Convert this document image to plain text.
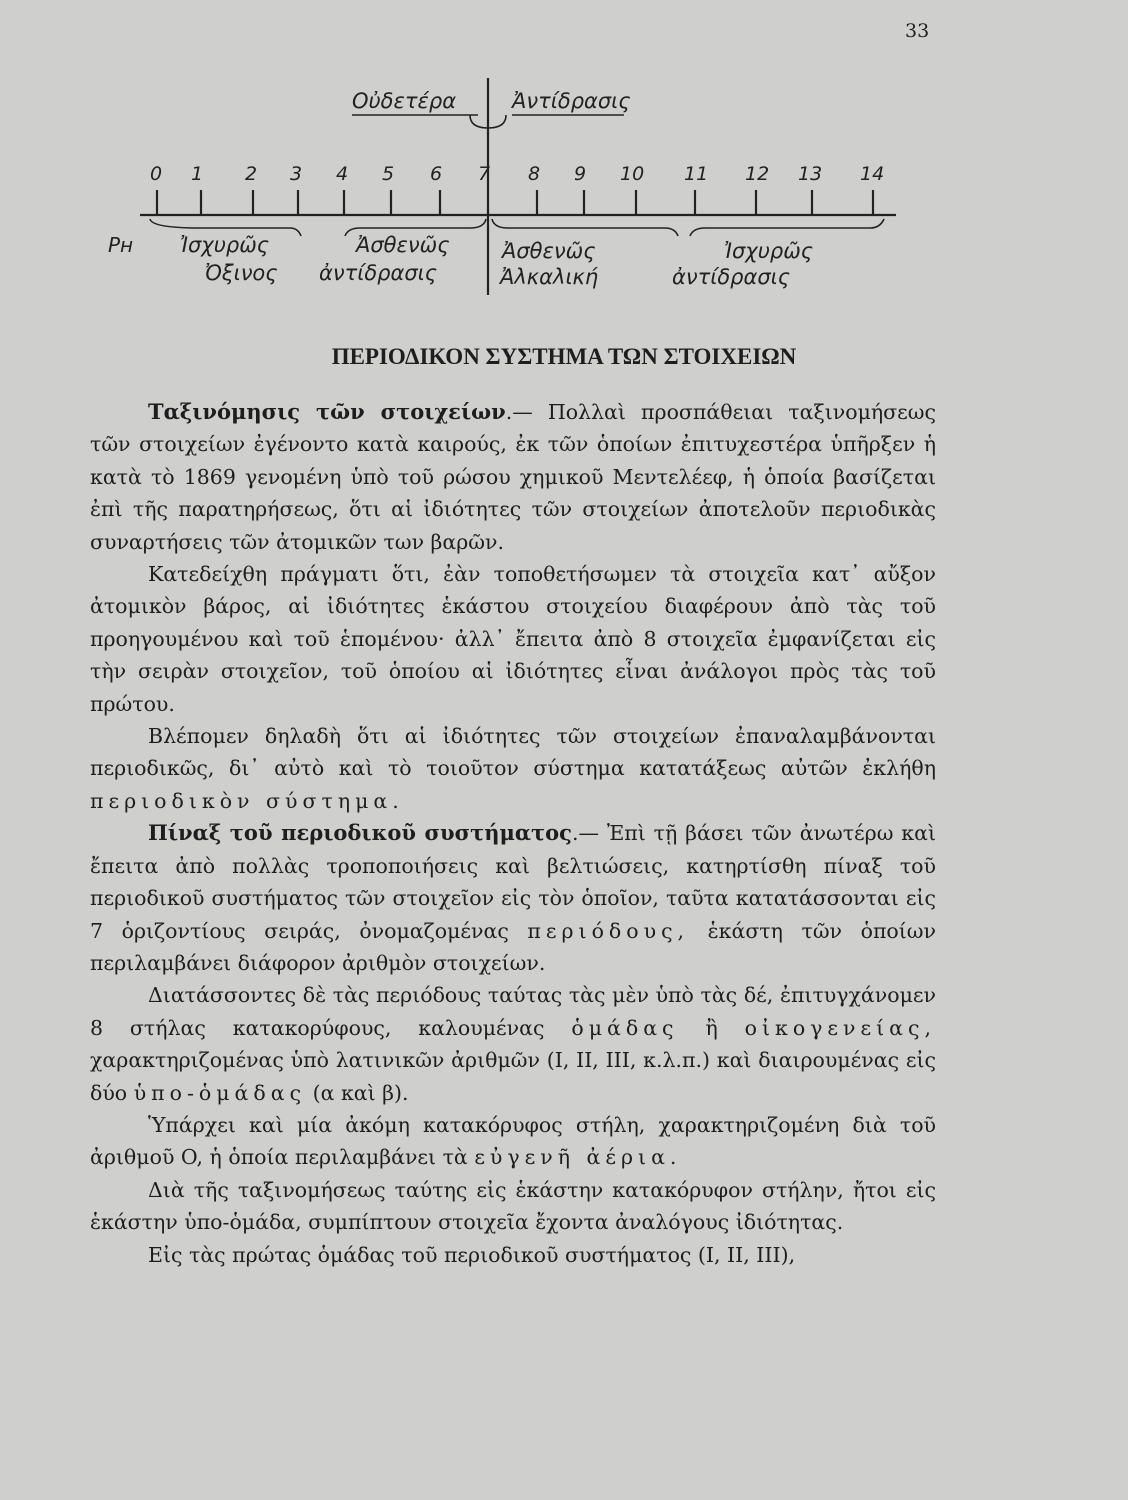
33
Οὐδετέρα	Ἀντίδρασις
0 1 2 3 4 5 6 7 8 9 10 11 12 13 14
Pн Ἰσχυρῶς	Ἀσθενῶς
Ὀξινος ἀντίδρασις
Ἀσθενῶς	Ἰσχυρῶς
Ἀλκαλική	ἀντίδρασις
ΠΕΡΙΟΔΙΚΟΝ ΣΥΣΤΗΜΑ ΤΩΝ ΣΤΟΙΧΕΙΩΝ

Ταξινόμησις τῶν στοιχείων.— Πολλαὶ προσπάθειαι ταξινομήσεως τῶν στοιχείων ἐγένοντο κατὰ καιρούς, ἐκ τῶν ὁποίων ἐπιτυχεστέρα ὑπῆρξεν ἡ κατὰ τὸ 1869 γενομένη ὑπὸ τοῦ ρώσου χημικοῦ Μεντελέεφ, ἡ ὁποία βασίζεται ἐπὶ τῆς παρατηρήσεως, ὅτι αἱ ἰδιότητες τῶν στοιχείων ἀποτελοῦν περιοδικὰς συναρτήσεις τῶν ἀτομικῶν των βαρῶν.

Κατεδείχθη πράγματι ὅτι, ἐὰν τοποθετήσωμεν τὰ στοιχεῖα κατ᾽ αὔξον ἀτομικὸν βάρος, αἱ ἰδιότητες ἑκάστου στοιχείου διαφέρουν ἀπὸ τὰς τοῦ προηγουμένου καὶ τοῦ ἑπομένου· ἀλλ᾽ ἔπειτα ἀπὸ 8 στοιχεῖα ἐμφανίζεται εἰς τὴν σειρὰν στοιχεῖον, τοῦ ὁποίου αἱ ἰδιότητες εἶναι ἀνάλογοι πρὸς τὰς τοῦ πρώτου.

Βλέπομεν δηλαδὴ ὅτι αἱ ἰδιότητες τῶν στοιχείων ἐπαναλαμβάνονται περιοδικῶς, δι᾽ αὐτὸ καὶ τὸ τοιοῦτον σύστημα κατατάξεως αὐτῶν ἐκλήθη περιοδικὸν σύστημα.

Πίναξ τοῦ περιοδικοῦ συστήματος.— Ἐπὶ τῇ βάσει τῶν ἀνωτέρω καὶ ἔπειτα ἀπὸ πολλὰς τροποποιήσεις καὶ βελτιώσεις, κατηρτίσθη πίναξ τοῦ περιοδικοῦ συστήματος τῶν στοιχεῖον εἰς τὸν ὁποῖον, ταῦτα κατατάσσονται εἰς 7 ὁριζοντίους σειράς, ὀνομαζομένας περιόδους, ἑκάστη τῶν ὁποίων περιλαμβάνει διάφορον ἀριθμὸν στοιχείων.

Διατάσσοντες δὲ τὰς περιόδους ταύτας τὰς μὲν ὑπὸ τὰς δέ, ἐπιτυγχάνομεν 8 στήλας κατακορύφους, καλουμένας ὁμάδας ἢ οἰκογενείας, χαρακτηριζομένας ὑπὸ λατινικῶν ἀριθμῶν (I, II, III, κ.λ.π.) καὶ διαιρουμένας εἰς δύο ὑπο-ὁμάδας (α καὶ β).

Ὑπάρχει καὶ μία ἀκόμη κατακόρυφος στήλη, χαρακτηριζομένη διὰ τοῦ ἀριθμοῦ O, ἡ ὁποία περιλαμβάνει τὰ εὐγενῆ ἀέρια.

Διὰ τῆς ταξινομήσεως ταύτης εἰς ἑκάστην κατακόρυφον στήλην, ἤτοι εἰς ἑκάστην ὑπο-ὁμάδα, συμπίπτουν στοιχεῖα ἔχοντα ἀναλόγους ἰδιότητας.

Εἰς τὰς πρώτας ὁμάδας τοῦ περιοδικοῦ συστήματος (I, II, III),
